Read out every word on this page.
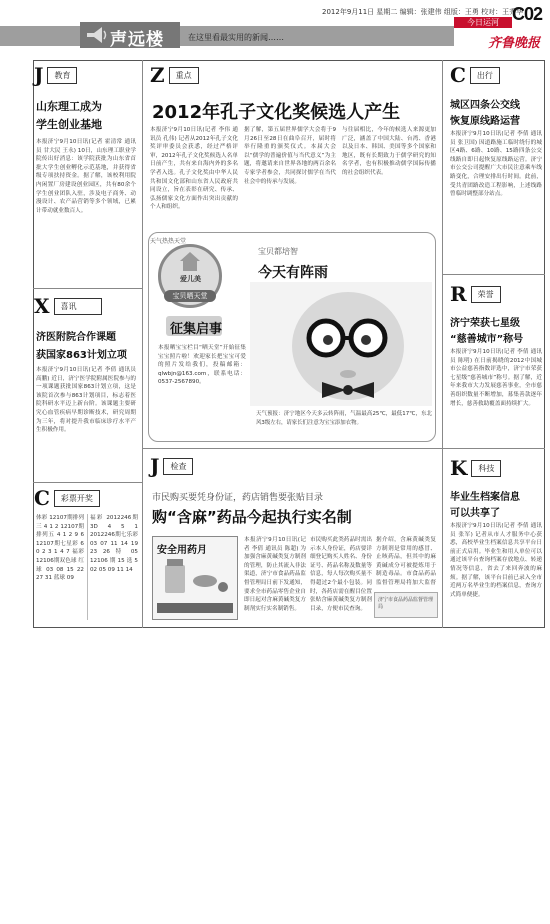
2012年9月11日 星期二 编辑：张建伟 组版：王勇 校对：王秀华
C02
今日运河
声远楼	在这里看最实用的新闻……	齐鲁晚报
J	教育
山东理工成为
学生创业基地
本报济宁9月10日讯(记者 霍清常 通讯员 甘大民 王永) 10日，山东理工职业学院传出好消息：该学院获批为山东省首批大学生创业孵化示范基地，并获得省级专项扶持资金。据了解，该校利用院内闲置厂房建设创业园区，共有80余个学生创业团队入驻，涉及电子商务、动漫设计、农产品营销等多个领域，已累计带动就业数百人。
X	喜讯
济医附院合作课题
获国家863计划立项
本报济宁9月10日讯(记者 李倩 通讯员 高鹏) 近日，济宁医学院附属医院参与的一项课题获批国家863计划立项，这是该院首次参与863计划项目，标志着医院科研水平迈上新台阶。该课题主要研究心血管疾病早期诊断技术，研究周期为三年，将对提升我市临床诊疗水平产生积极作用。
C	彩票开奖
体彩 12107期排列三 4 1 2 12107期排列五 4 1 2 9 6 12107期七星彩 6 0 2 3 1 4 7 福彩 12106期双色球 红球 03 08 15 22 27 31 蓝球 09
福彩 2012246期3D 4 5 1 2012246期七乐彩 03 07 11 14 19 23 26 特 05 12106期15选5 02 05 09 11 14
Z	重点
2012年孔子文化奖候选人产生
本报济宁9月10日讯(记者 李伟 通讯员 孔伟) 记者从2012年孔子文化奖评审委员会获悉，经过严格评审，2012年孔子文化奖候选人名单日前产生，共有来自海内外的多名学者入选。孔子文化奖由中华人民共和国文化部和山东省人民政府共同设立，旨在表彰在研究、传承、弘扬儒家文化方面作出突出贡献的个人和组织。
据了解，第五届世界儒学大会将于9月26日至28日在曲阜召开，届时将举行隆重的颁奖仪式。本届大会以“儒学的普遍价值与当代意义”为主题，将邀请来自世界各地的两百余名专家学者参会，共同探讨儒学在当代社会中的传承与发展。
与往届相比，今年的候选人来源更加广泛，涵盖了中国大陆、台湾、香港以及日本、韩国、美国等多个国家和地区，既有长期致力于儒学研究的知名学者，也有积极推动儒学国际传播的社会组织代表。
天气热热天堂
爱儿美
宝贝晒天堂
征集启事
本报晒宝宝栏目“晒天堂”开始征集宝宝照片啦！欢迎家长把宝宝可爱的照片发给我们，投稿邮箱：qlwbjn@163.com，联系电话：0537-2567890。
宝贝都培智
今天有阵雨
天气预报：济宁地区今天多云转阵雨，气温最高25℃，最低17℃，东北风3级左右，请家长们注意为宝宝添加衣物。
J	检查
市民购买要凭身份证，药店销售要张贴目录
购“含麻”药品今起执行实名制
安全用药月
本报济宁9月10日讯(记者 李倩 通讯员 陈超) 为加强含麻黄碱类复方制剂的管理，防止其流入非法渠道，济宁市食品药品监督管理局日前下发通知，要求全市药品零售企业自即日起对含麻黄碱类复方制剂实行实名制销售。
市民购买此类药品时需出示本人身份证，药店要详细登记购买人姓名、身份证号、药品名称及数量等信息，每人每次购买量不得超过2个最小包装。同时，各药店需在醒目位置张贴含麻黄碱类复方制剂目录，方便市民查询。
据介绍，含麻黄碱类复方制剂是常用的感冒、止咳药品，但其中的麻黄碱成分可被提炼用于制造毒品。市食品药品监督管理局将加大监督
济宁市食品药品监督管理局
C	出行
城区四条公交线
恢复原线路运营
本报济宁9月10日讯(记者 李倩 通讯员 张卫国) 因道路施工临时绕行的城区4路、6路、10路、15路四条公交线路自即日起恢复原线路运营。济宁市公交公司提醒广大市民注意乘车线路变化，合理安排出行时间。此前，受共青团路改造工程影响，上述线路曾临时调整部分站点。
R	荣誉
济宁荣获七星级
“慈善城市”称号
本报济宁9月10日讯(记者 李倩 通讯员 陈明) 在日前揭晓的2012中国城市公益慈善指数评选中，济宁市荣获七星级“慈善城市”称号。据了解，近年来我市大力发展慈善事业，全市慈善组织数量不断增加，募集善款逐年增长，慈善救助覆盖面持续扩大。
K	科技
毕业生档案信息
可以共享了
本报济宁9月10日讯(记者 李倩 通讯员 张军) 记者从市人才服务中心获悉，高校毕业生档案信息共享平台日前正式启用。毕业生和用人单位可以通过该平台查询档案存放地点、转递情况等信息，省去了来回奔波的麻烦。据了解，该平台目前已录入全市近两万名毕业生的档案信息，查询方式简单便捷。
